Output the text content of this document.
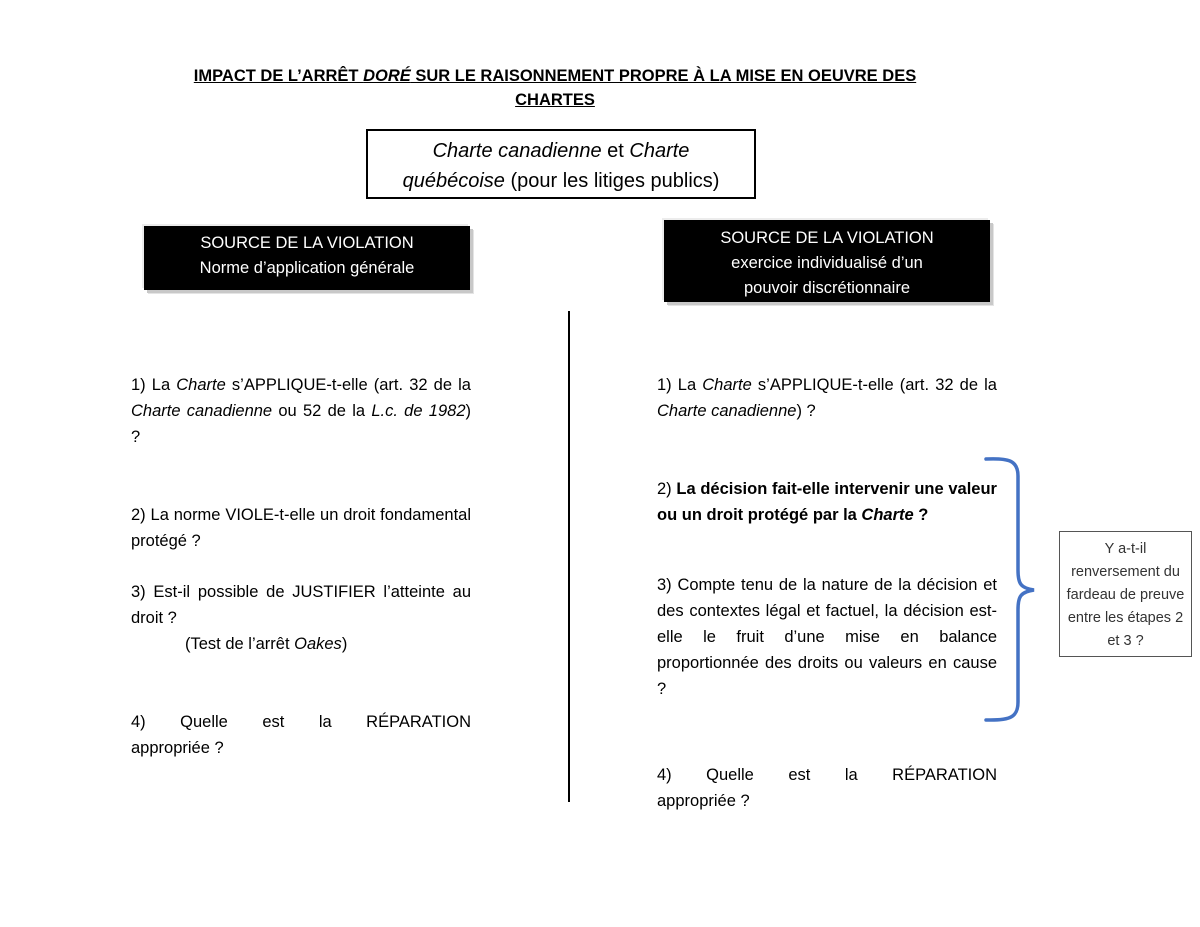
IMPACT DE L’ARRÊT DORÉ SUR LE RAISONNEMENT PROPRE À LA MISE EN OEUVRE DES
CHARTES
Charte canadienne et Charte
québécoise (pour les litiges publics)
SOURCE DE LA VIOLATION
Norme d’application générale
SOURCE DE LA VIOLATION
exercice individualisé d’un
pouvoir discrétionnaire

1) La Charte s’APPLIQUE-t-elle (art. 32 de la Charte canadienne ou 52 de la L.c. de 1982) ?

2) La norme VIOLE-t-elle un droit fondamental protégé ?

3) Est-il possible de JUSTIFIER l’atteinte au droit ?

(Test de l’arrêt Oakes)

4) Quelle est la RÉPARATION

appropriée ?

1) La Charte s’APPLIQUE-t-elle (art. 32 de la Charte canadienne) ?

2) La décision fait-elle intervenir une valeur ou un droit protégé par la Charte ?

3) Compte tenu de la nature de la décision et des contextes légal et factuel, la décision est-elle le fruit d’une mise en balance proportionnée des droits ou valeurs en cause ?

4) Quelle est la RÉPARATION

appropriée ?

Y a-t-il renversement du fardeau de preuve entre les étapes 2 et 3 ?
